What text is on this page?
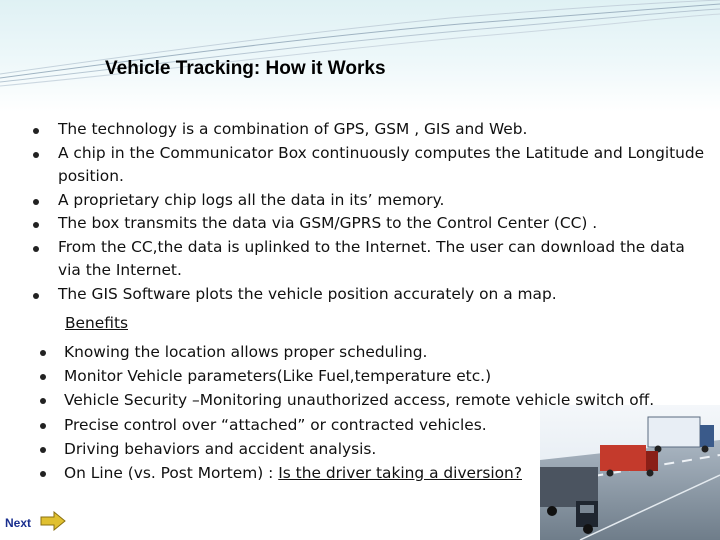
Vehicle Tracking: How it Works
The technology is a combination of GPS, GSM , GIS and Web.
A chip in the Communicator Box continuously computes the Latitude and Longitude position.
A proprietary chip logs all the data in its’ memory.
The box transmits the data via GSM/GPRS to the Control Center (CC) .
From the CC,the data is uplinked to the Internet. The user can download the data via the Internet.
The GIS Software plots the vehicle position accurately on a map.
Benefits
Knowing the location allows proper scheduling.
Monitor Vehicle parameters(Like Fuel,temperature etc.)
Vehicle Security –Monitoring unauthorized access, remote vehicle switch off.
Precise control over “attached” or contracted vehicles.
Driving behaviors and accident analysis.
On Line (vs. Post Mortem) : Is the driver taking a diversion?
Next
